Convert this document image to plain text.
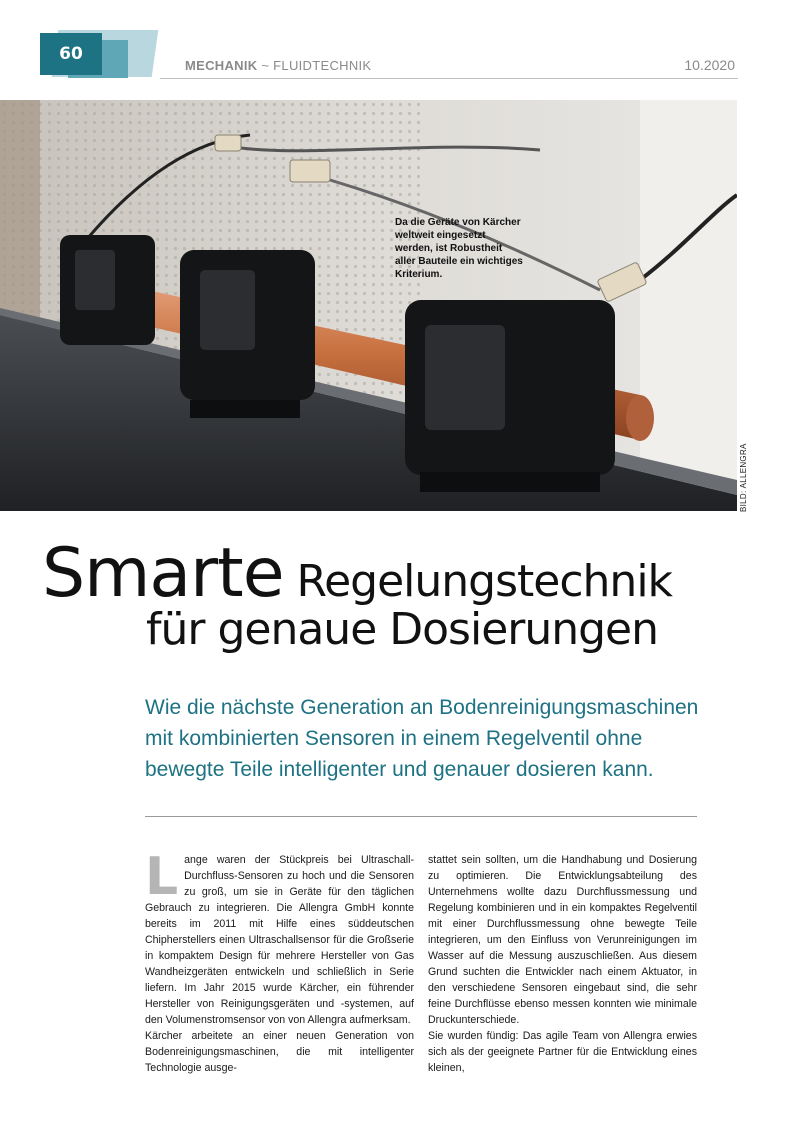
60
MECHANIK ~ FLUIDTECHNIK	10.2020
Da die Geräte von Kärcher weltweit eingesetzt werden, ist Robustheit aller Bauteile ein wichtiges Kriterium.
BILD: ALLENGRA
Smarte Regelungstechnik
für genaue Dosierungen
Wie die nächste Generation an Bodenreinigungsmaschinen mit kombinierten Sensoren in einem Regelventil ohne bewegte Teile intelligenter und genauer dosieren kann.

Lange waren der Stückpreis bei Ultraschall-Durchfluss-Sensoren zu hoch und die Sensoren zu groß, um sie in Geräte für den täglichen Gebrauch zu integrieren. Die Allengra GmbH konnte bereits im 2011 mit Hilfe eines süddeutschen Chipherstellers einen Ultraschallsensor für die Großserie in kompaktem Design für mehrere Hersteller von Gas Wandheizgeräten entwickeln und schließlich in Serie liefern. Im Jahr 2015 wurde Kärcher, ein führender Hersteller von Reinigungsgeräten und -systemen, auf den Volumenstromsensor von von Allengra aufmerksam.

Kärcher arbeitete an einer neuen Generation von Bodenreinigungsmaschinen, die mit intelligenter Technologie ausge-

stattet sein sollten, um die Handhabung und Dosierung zu optimieren. Die Entwicklungsabteilung des Unternehmens wollte dazu Durchflussmessung und Regelung kombinieren und in ein kompaktes Regelventil mit einer Durchflussmessung ohne bewegte Teile integrieren, um den Einfluss von Verunreinigungen im Wasser auf die Messung auszuschließen. Aus diesem Grund suchten die Entwickler nach einem Aktuator, in den verschiedene Sensoren eingebaut sind, die sehr feine Durchflüsse ebenso messen konnten wie minimale Druckunterschiede.

Sie wurden fündig: Das agile Team von Allengra erwies sich als der geeignete Partner für die Entwicklung eines kleinen,
